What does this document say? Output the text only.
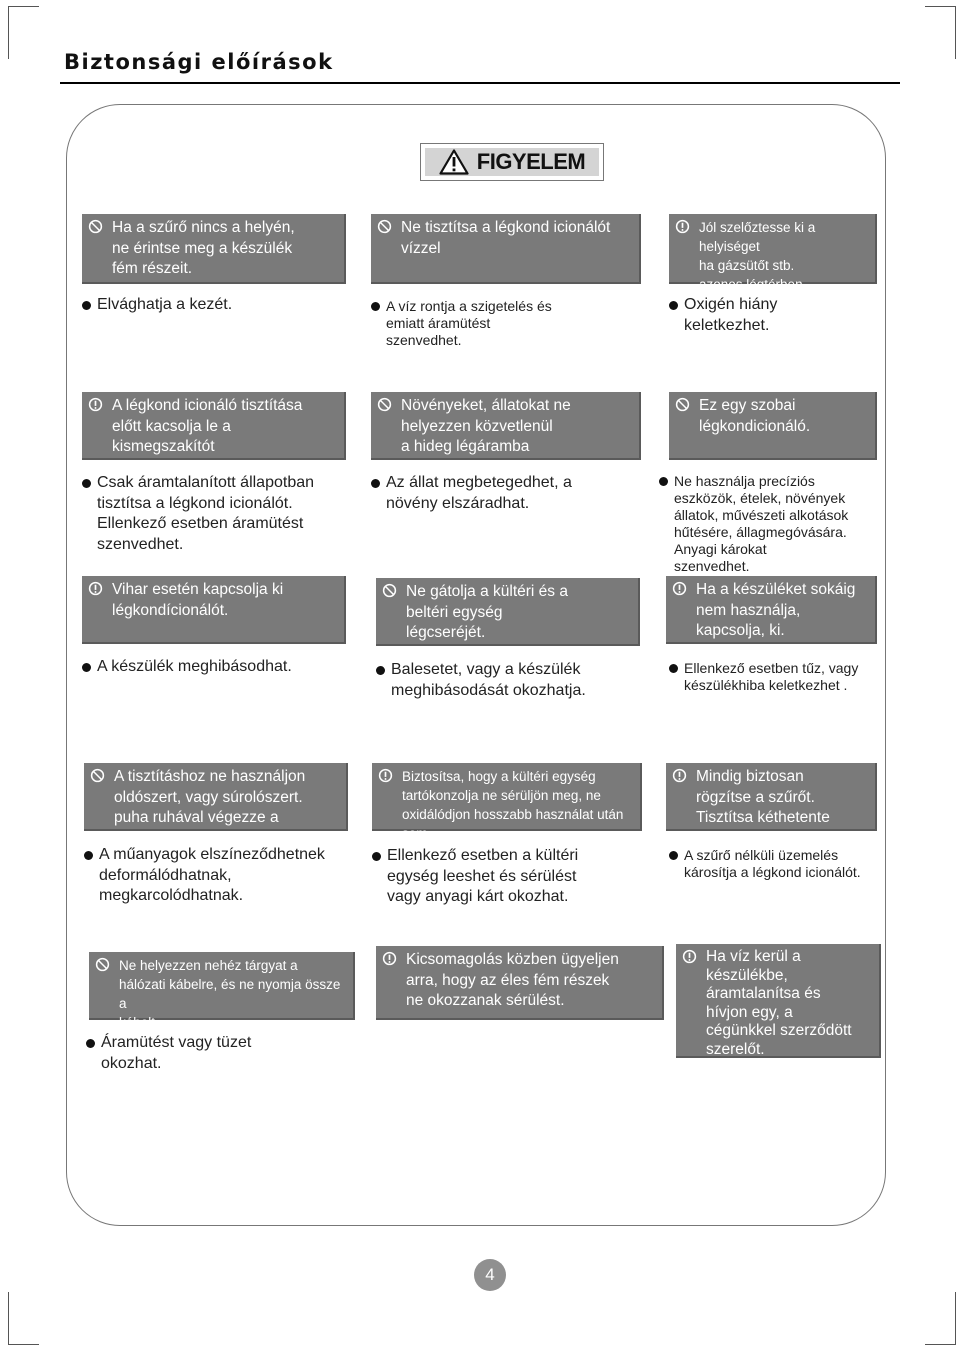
Biztonsági előírások
FIGYELEM
Ha a szűrő nincs a helyén,
ne érintse meg a készülék
fém részeit.
Elvághatja a kezét.
Ne tisztítsa a légkond icionálót
vízzel
A víz rontja a szigetelés és
emiatt áramütést
szenvedhet.
Jól szelőztesse ki a helyiséget
ha gázsütőt stb.
azonos légtérben.
Oxigén hiány
keletkezhet.
A légkond icionáló tisztítása
előtt kacsolja le a
kismegszakítót
Csak áramtalanított állapotban
tisztítsa a légkond icionálót.
Ellenkező esetben áramütést
szenvedhet.
Növényeket, állatokat ne
helyezzen közvetlenül
a hideg légáramba
Az állat megbetegedhet, a
növény elszáradhat.
Ez egy szobai
légkondicionáló.
Ne használja precíziós
eszközök, ételek, növények
állatok, művészeti alkotások
hűtésére, állagmegóvására.
Anyagi károkat
szenvedhet.
Vihar esetén kapcsolja ki
légkondícionálót.
A készülék meghibásodhat.
Ne gátolja a kültéri és a
beltéri egység
légcseréjét.
Balesetet, vagy a készülék
meghibásodását okozhatja.
Ha a készüléket sokáig
nem használja,
kapcsolja, ki.
Ellenkező esetben tűz, vagy
készülékhiba keletkezhet .
A tisztításhoz ne használjon
oldószert, vagy súrolószert.
puha ruhával végezze a tisztítást.
A műanyagok elszíneződhetnek
deformálódhatnak,
megkarcolódhatnak.
Biztosítsa, hogy a kültéri egység
tartókonzolja ne sérüljön meg, ne
oxidálódjon hosszabb használat után sem.
Ellenkező esetben a kültéri
egység leeshet és sérülést
vagy anyagi kárt okozhat.
Mindig biztosan
rögzítse a szűrőt.
Tisztítsa kéthetente
A szűrő nélküli üzemelés
károsítja a légkond icionálót.
Ne helyezzen nehéz tárgyat a
hálózati kábelre, és ne nyomja össze a
kábelt.
Áramütést vagy tüzet
okozhat.
Kicsomagolás közben ügyeljen
arra, hogy az éles fém részek
ne okozzanak sérülést.
Ha víz kerül a
készülékbe,
áramtalanítsa és
hívjon egy, a
cégünkkel szerződött
szerelőt.
4
